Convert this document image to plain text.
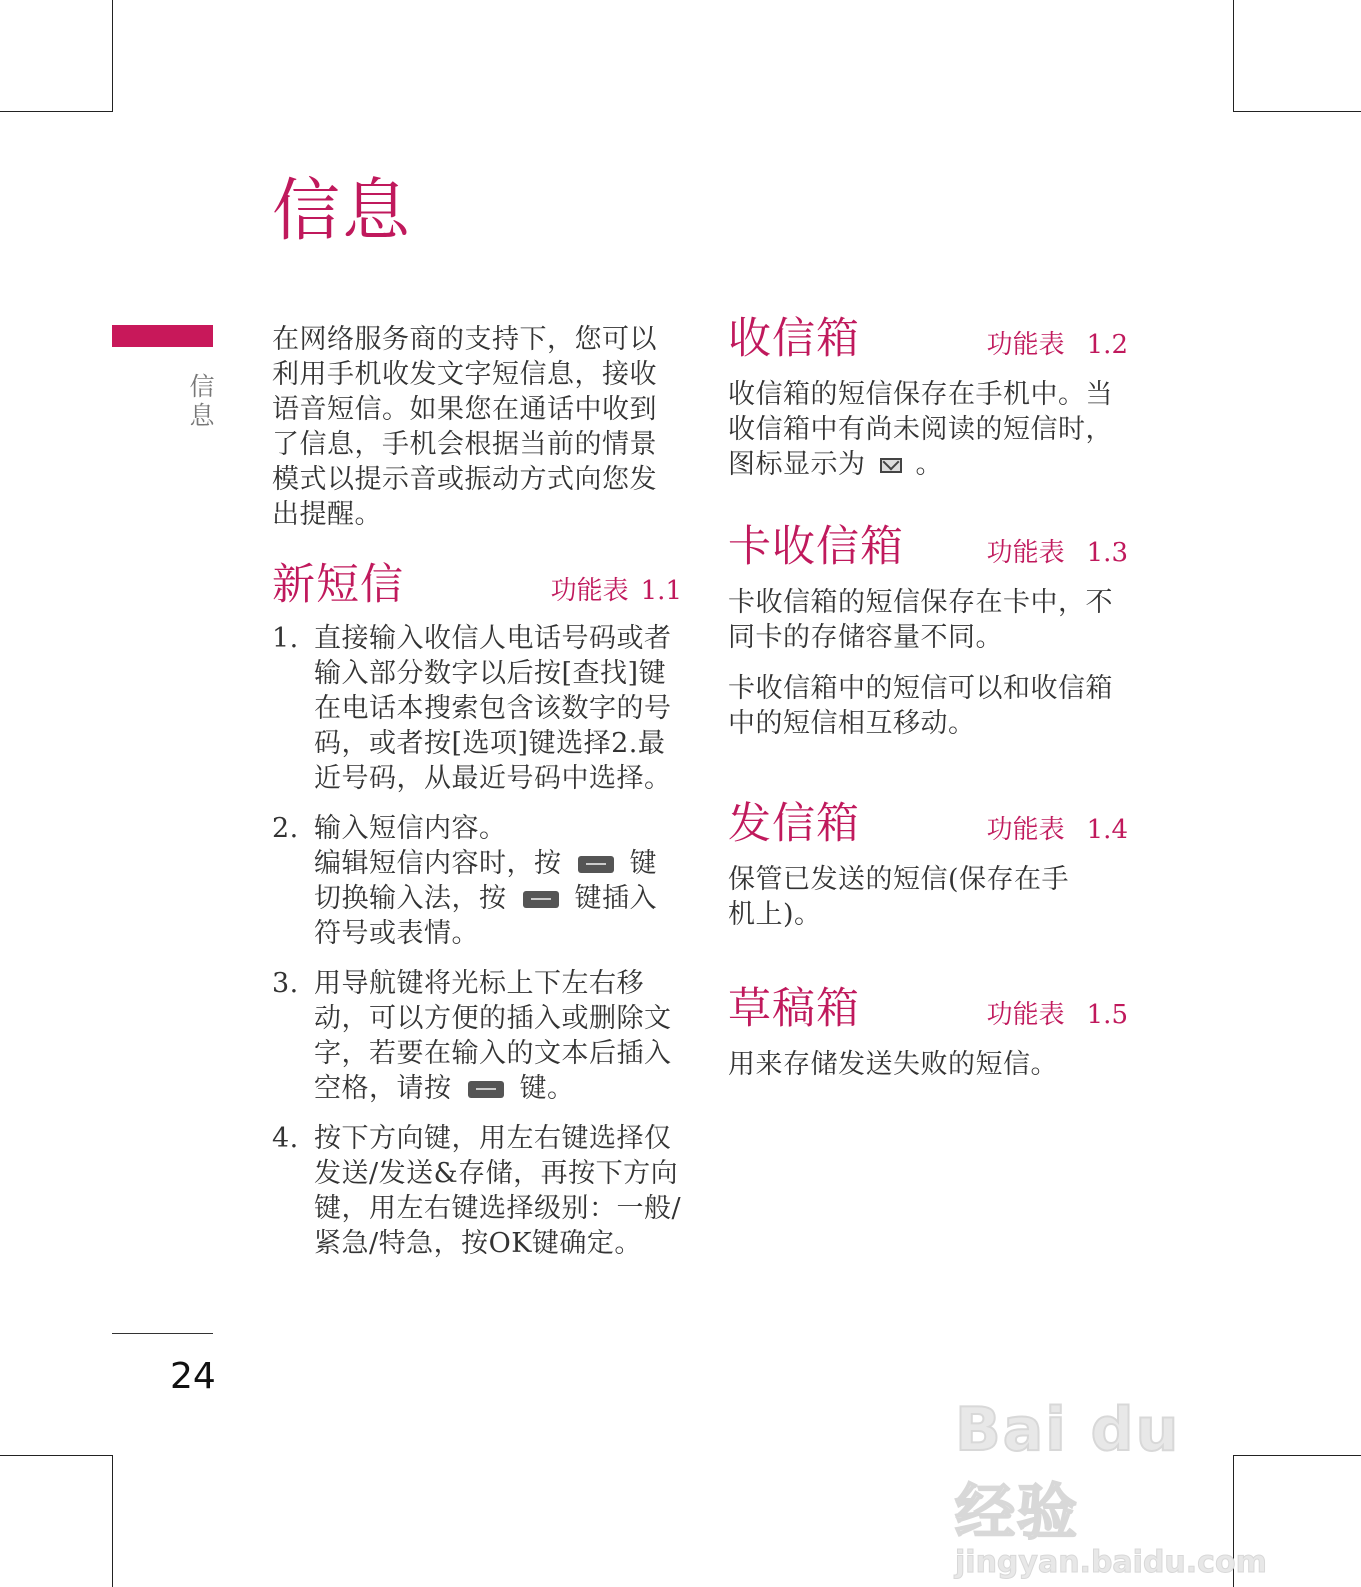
信息
信息
24

在网络服务商的支持下，您可以利用手机收发文字短信息，接收语音短信。如果您在通话中收到了信息，手机会根据当前的情景模式以提示音或振动方式向您发出提醒。

新短信	功能表 1.1
1. 直接输入收信人电话号码或者输入部分数字以后按[查找]键在电话本搜索包含该数字的号码，或者按[选项]键选择2.最近号码，从最近号码中选择。
2. 输入短信内容。
编辑短信内容时，按	键切换输入法，按	键插入符号或表情。
3. 用导航键将光标上下左右移动，可以方便的插入或删除文字，若要在输入的文本后插入空格，请按	键。
4. 按下方向键，用左右键选择仅发送/发送&存储，再按下方向键，用左右键选择级别：一般/紧急/特急，按OK键确定。
收信箱	功能表 1.2

收信箱的短信保存在手机中。当收信箱中有尚未阅读的短信时，图标显示为 。

卡收信箱	功能表 1.3

卡收信箱的短信保存在卡中，不同卡的存储容量不同。

卡收信箱中的短信可以和收信箱中的短信相互移动。

发信箱	功能表 1.4

保管已发送的短信(保存在手机上)。

草稿箱	功能表 1.5

用来存储发送失败的短信。

Bai du 经验
jingyan.baidu.com
